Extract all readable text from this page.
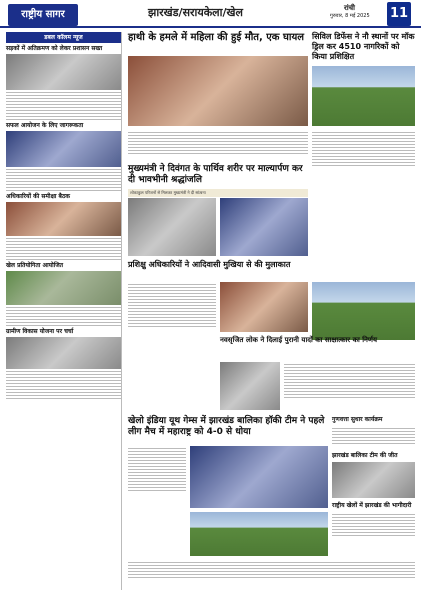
राष्ट्रीय सागर	झारखंड/सरायकेला/खेल	रांची
गुरुवार, 8 मई 2025 11
डबल कॉलम न्यूज
सड़कों में अतिक्रमण को लेकर प्रशासन सख्त
सफल आयोजन के लिए जागरूकता
अधिकारियों की समीक्षा बैठक
खेल प्रतियोगिता आयोजित
ग्रामीण विकास योजना पर चर्चा
हाथी के हमले में महिला की हुई मौत, एक घायल सिविल डिफेंस ने नौ स्थानों पर मॉक ड्रिल कर 4510 नागरिकों को किया प्रशिक्षित
मुख्यमंत्री ने दिवंगत के पार्थिव शरीर पर माल्यार्पण कर दी भावभीनी श्रद्धांजलि
शोकाकुल परिजनों से मिलकर मुख्यमंत्री ने दी सांत्वना
प्रशिक्षु अधिकारियों ने आदिवासी मुखिया से की मुलाकात
नवसृजित लोक ने दिलाई पुरानी यादों का साक्षात्कार का निर्णय
खेलो इंडिया यूथ गेम्स में झारखंड बालिका हॉकी टीम ने पहले लीग मैच में महाराष्ट्र को 4-0 से धोया
गुणवत्ता सुधार कार्यक्रम
झारखंड बालिका टीम की जीत
राष्ट्रीय खेलों में झारखंड की भागीदारी
